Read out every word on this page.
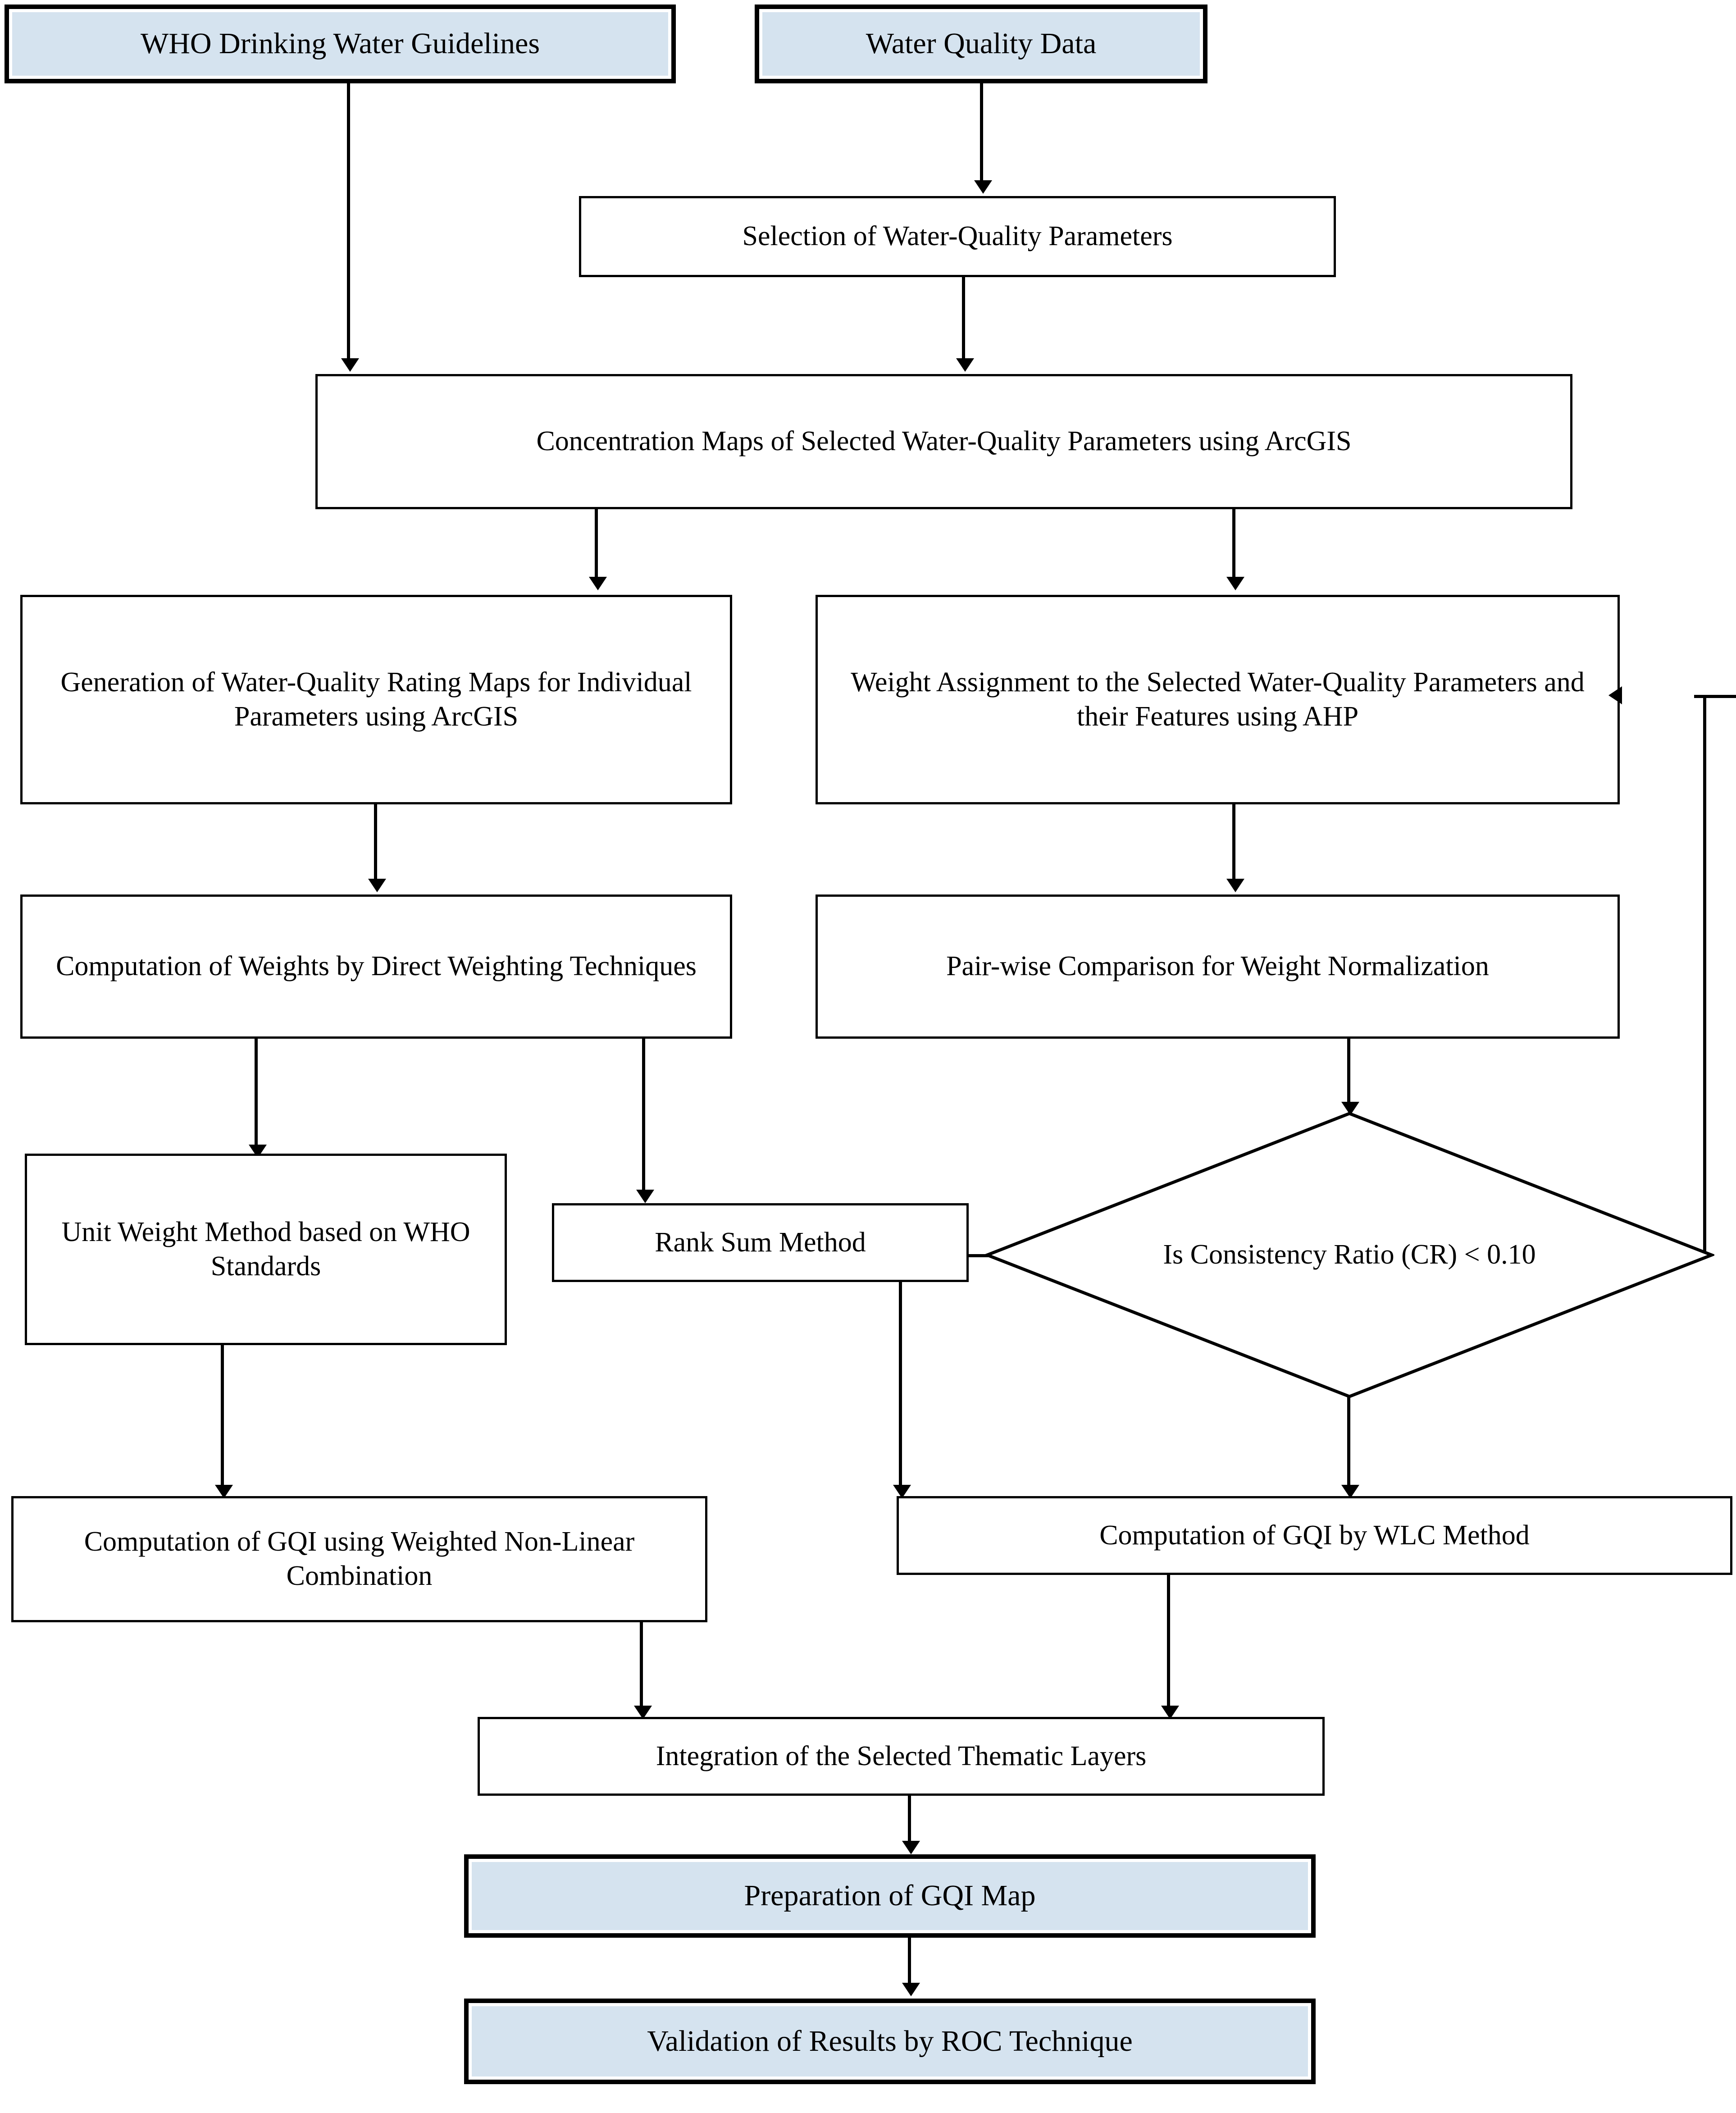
WHO Drinking Water Guidelines	Water Quality Data
Selection of Water-Quality Parameters
Concentration Maps of Selected Water-Quality Parameters using ArcGIS
Generation of Water-Quality Rating Maps for Individual Parameters using ArcGIS
Weight Assignment to the Selected Water-Quality Parameters and their Features using AHP
Computation of Weights by Direct Weighting Techniques	Pair-wise Comparison for Weight Normalization
Unit Weight Method based on WHO Standards
Rank Sum Method	Is Consistency Ratio (CR) < 0.10
Computation of GQI using Weighted Non-Linear Combination
Computation of GQI by WLC Method
Integration of the Selected Thematic Layers
Preparation of GQI Map
Validation of Results by ROC Technique
